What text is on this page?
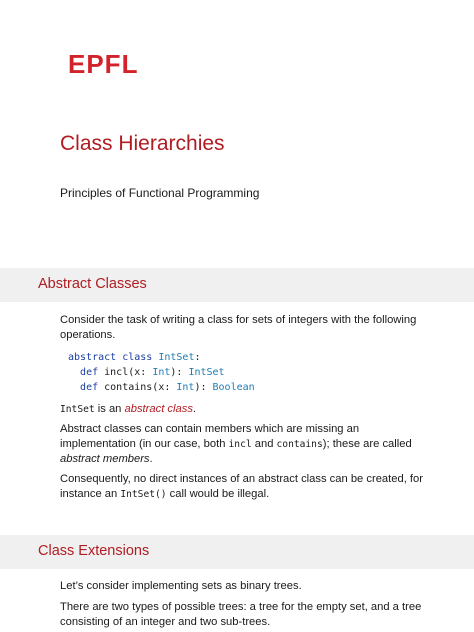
EPFL
Class Hierarchies

Principles of Functional Programming

Abstract Classes

Consider the task of writing a class for sets of integers with the following operations.

abstract class IntSet:
def incl(x: Int): IntSet
def contains(x: Int): Boolean

IntSet is an abstract class.

Abstract classes can contain members which are missing an implementation (in our case, both incl and contains); these are called abstract members.

Consequently, no direct instances of an abstract class can be created, for instance an IntSet() call would be illegal.

Class Extensions

Let’s consider implementing sets as binary trees.

There are two types of possible trees: a tree for the empty set, and a tree consisting of an integer and two sub-trees.
